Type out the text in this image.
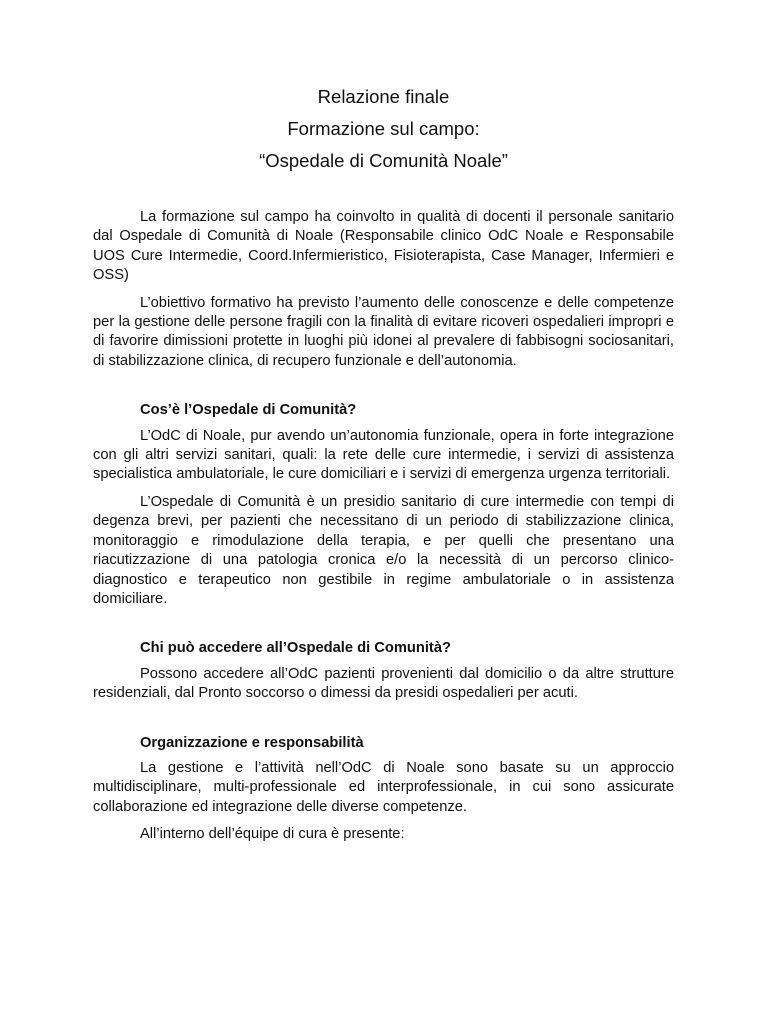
Relazione finale
Formazione sul campo:
“Ospedale di Comunità Noale”

La formazione sul campo ha coinvolto in qualità di docenti il personale sanitario dal Ospedale di Comunità di Noale (Responsabile clinico OdC Noale e Responsabile UOS Cure Intermedie, Coord.Infermieristico, Fisioterapista, Case Manager, Infermieri e OSS)

L’obiettivo formativo ha previsto l’aumento delle conoscenze e delle competenze per la gestione delle persone fragili con la finalità di evitare ricoveri ospedalieri impropri e di favorire dimissioni protette in luoghi più idonei al prevalere di fabbisogni sociosanitari, di stabilizzazione clinica, di recupero funzionale e dell’autonomia.

Cos’è l’Ospedale di Comunità?

L’OdC di Noale, pur avendo un’autonomia funzionale, opera in forte integrazione con gli altri servizi sanitari, quali: la rete delle cure intermedie, i servizi di assistenza specialistica ambulatoriale, le cure domiciliari e i servizi di emergenza urgenza territoriali.

L’Ospedale di Comunità è un presidio sanitario di cure intermedie con tempi di degenza brevi, per pazienti che necessitano di un periodo di stabilizzazione clinica, monitoraggio e rimodulazione della terapia, e per quelli che presentano una riacutizzazione di una patologia cronica e/o la necessità di un percorso clinico-diagnostico e terapeutico non gestibile in regime ambulatoriale o in assistenza domiciliare.

Chi può accedere all’Ospedale di Comunità?

Possono accedere all’OdC pazienti provenienti dal domicilio o da altre strutture residenziali, dal Pronto soccorso o dimessi da presidi ospedalieri per acuti.

Organizzazione e responsabilità

La gestione e l’attività nell’OdC di Noale sono basate su un approccio multidisciplinare, multi-professionale ed interprofessionale, in cui sono assicurate collaborazione ed integrazione delle diverse competenze.

All’interno dell’équipe di cura è presente:
